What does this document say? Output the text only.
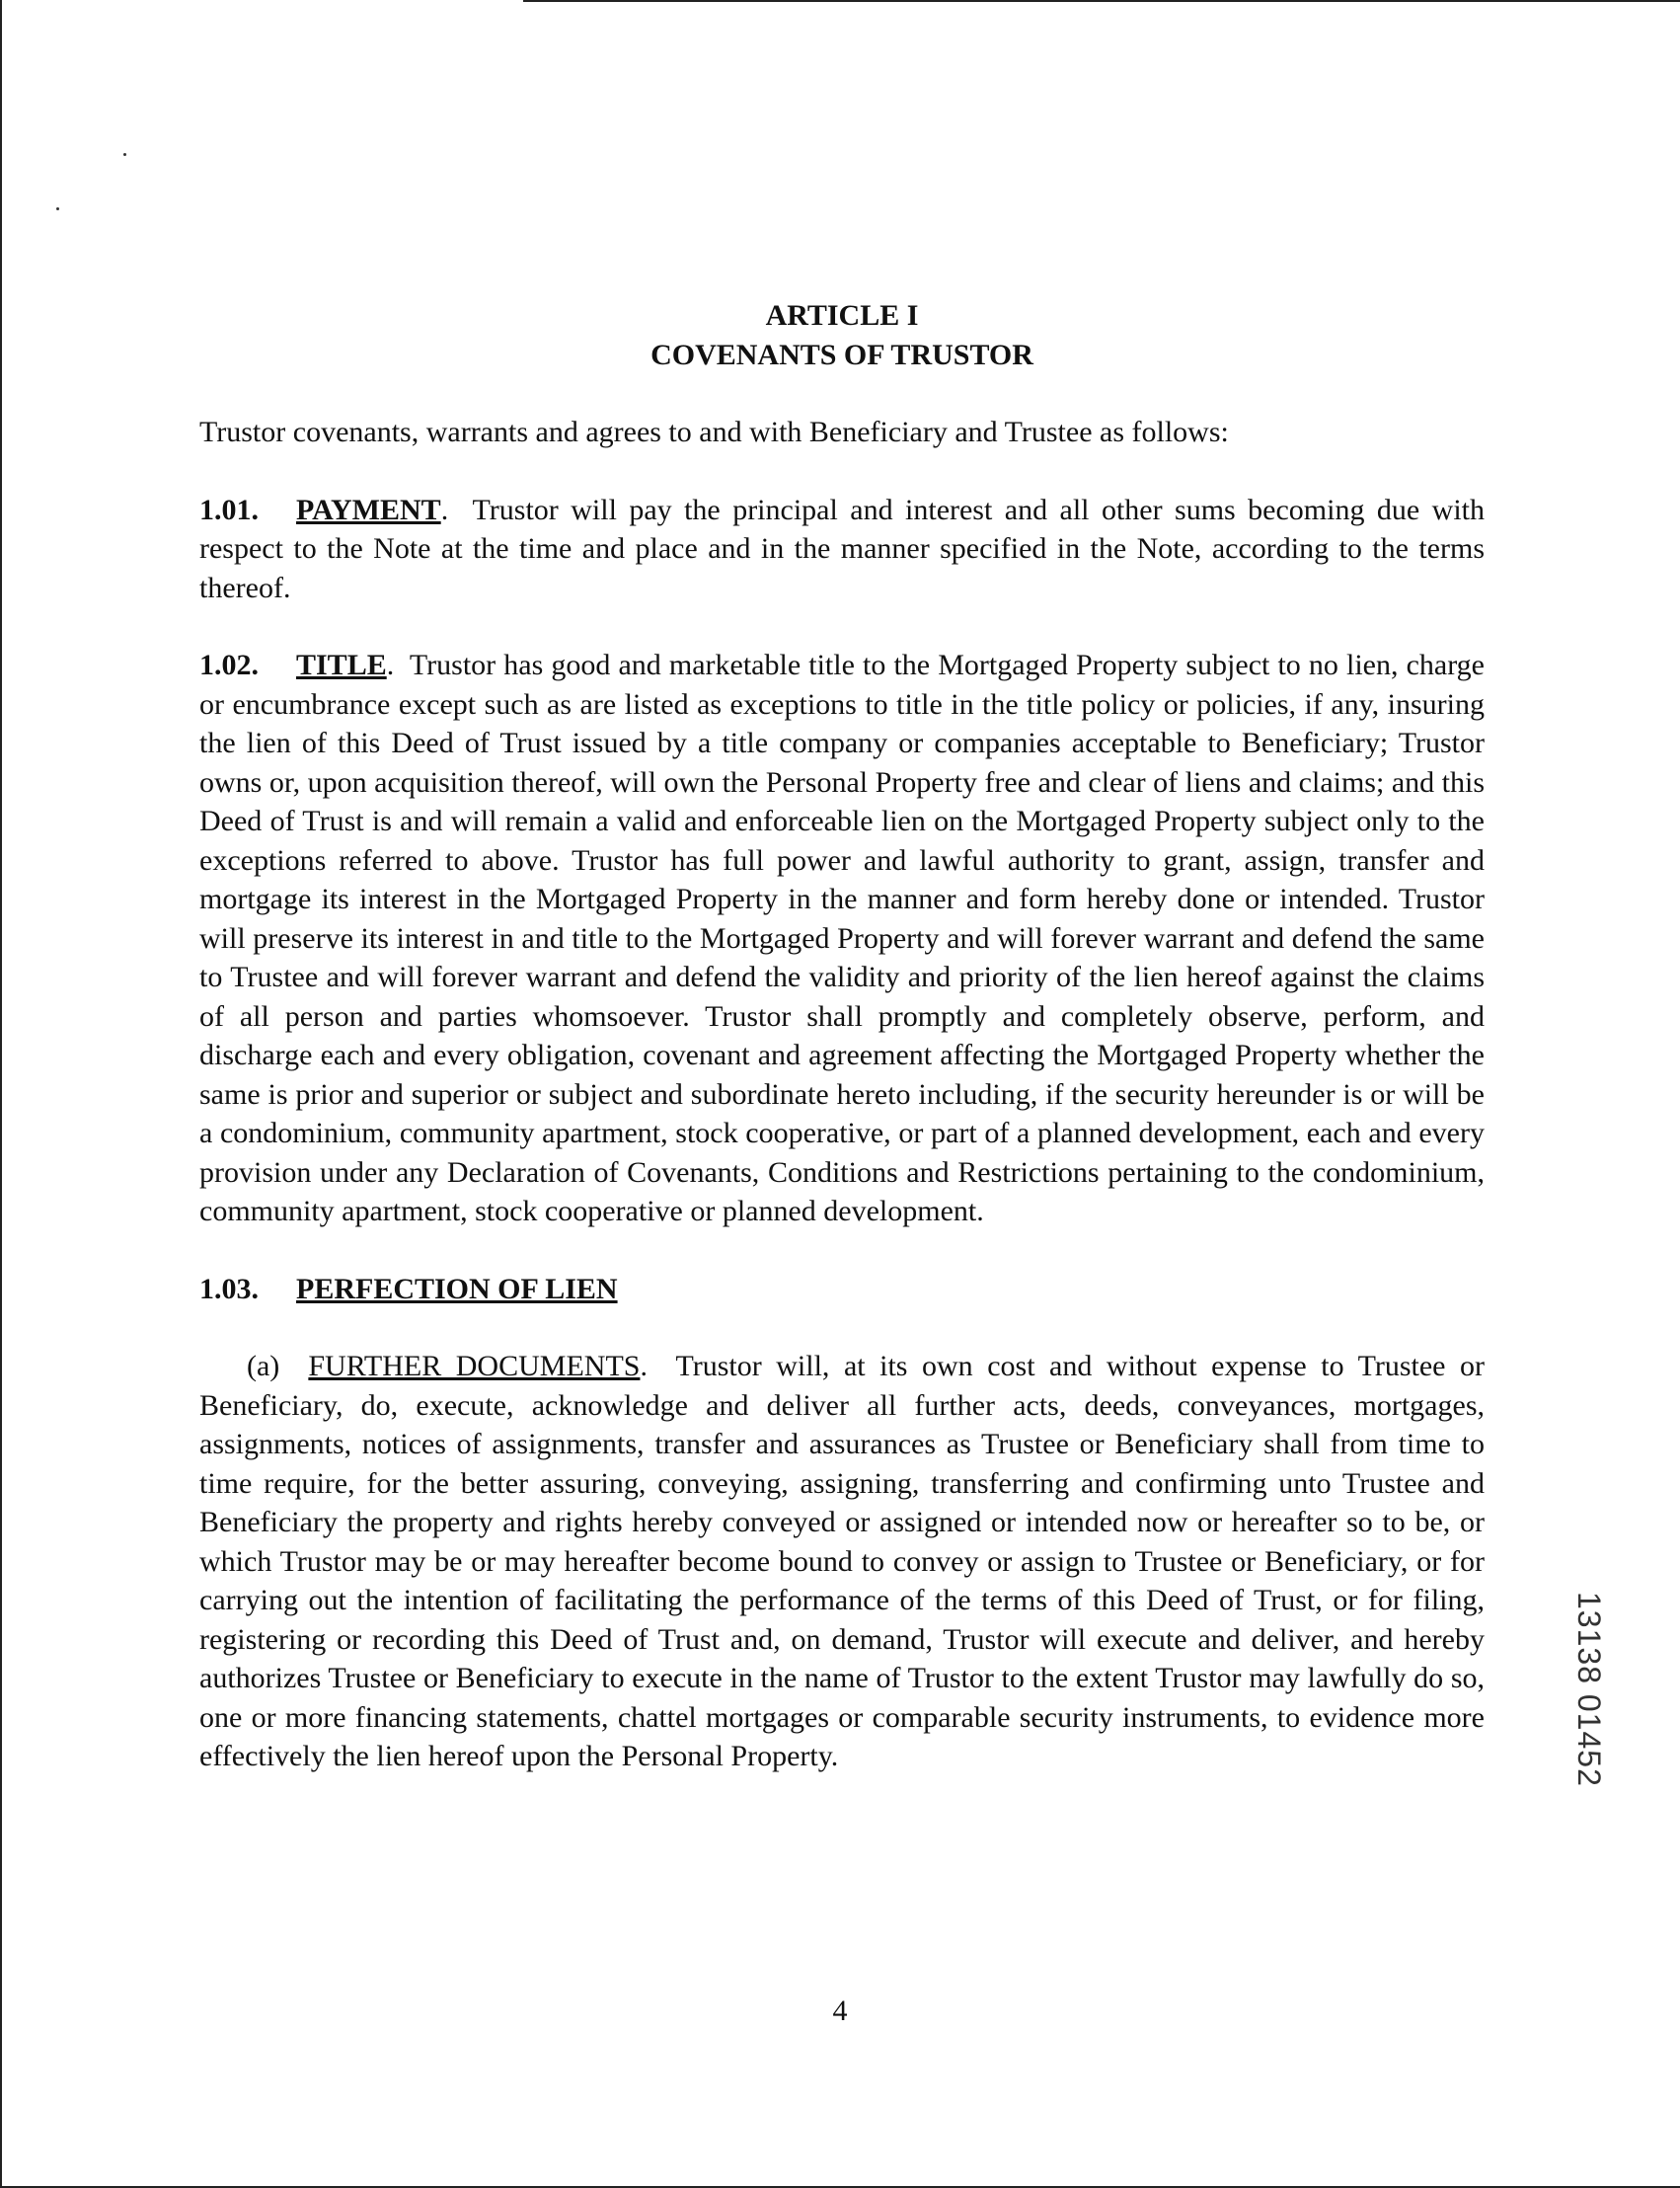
ARTICLE I

COVENANTS OF TRUSTOR

Trustor covenants, warrants and agrees to and with Beneficiary and Trustee as follows:

1.01. PAYMENT. Trustor will pay the principal and interest and all other sums becoming due with respect to the Note at the time and place and in the manner specified in the Note, according to the terms thereof.

1.02. TITLE. Trustor has good and marketable title to the Mortgaged Property subject to no lien, charge or encumbrance except such as are listed as exceptions to title in the title policy or policies, if any, insuring the lien of this Deed of Trust issued by a title company or companies acceptable to Beneficiary; Trustor owns or, upon acquisition thereof, will own the Personal Property free and clear of liens and claims; and this Deed of Trust is and will remain a valid and enforceable lien on the Mortgaged Property subject only to the exceptions referred to above. Trustor has full power and lawful authority to grant, assign, transfer and mortgage its interest in the Mortgaged Property in the manner and form hereby done or intended. Trustor will preserve its interest in and title to the Mortgaged Property and will forever warrant and defend the same to Trustee and will forever warrant and defend the validity and priority of the lien hereof against the claims of all person and parties whomsoever. Trustor shall promptly and completely observe, perform, and discharge each and every obligation, covenant and agreement affecting the Mortgaged Property whether the same is prior and superior or subject and subordinate hereto including, if the security hereunder is or will be a condominium, community apartment, stock cooperative, or part of a planned development, each and every provision under any Declaration of Covenants, Conditions and Restrictions pertaining to the condominium, community apartment, stock cooperative or planned development.

1.03. PERFECTION OF LIEN

(a) FURTHER DOCUMENTS. Trustor will, at its own cost and without expense to Trustee or Beneficiary, do, execute, acknowledge and deliver all further acts, deeds, conveyances, mortgages, assignments, notices of assignments, transfer and assurances as Trustee or Beneficiary shall from time to time require, for the better assuring, conveying, assigning, transferring and confirming unto Trustee and Beneficiary the property and rights hereby conveyed or assigned or intended now or hereafter so to be, or which Trustor may be or may hereafter become bound to convey or assign to Trustee or Beneficiary, or for carrying out the intention of facilitating the performance of the terms of this Deed of Trust, or for filing, registering or recording this Deed of Trust and, on demand, Trustor will execute and deliver, and hereby authorizes Trustee or Beneficiary to execute in the name of Trustor to the extent Trustor may lawfully do so, one or more financing statements, chattel mortgages or comparable security instruments, to evidence more effectively the lien hereof upon the Personal Property.	13138 01452
4
